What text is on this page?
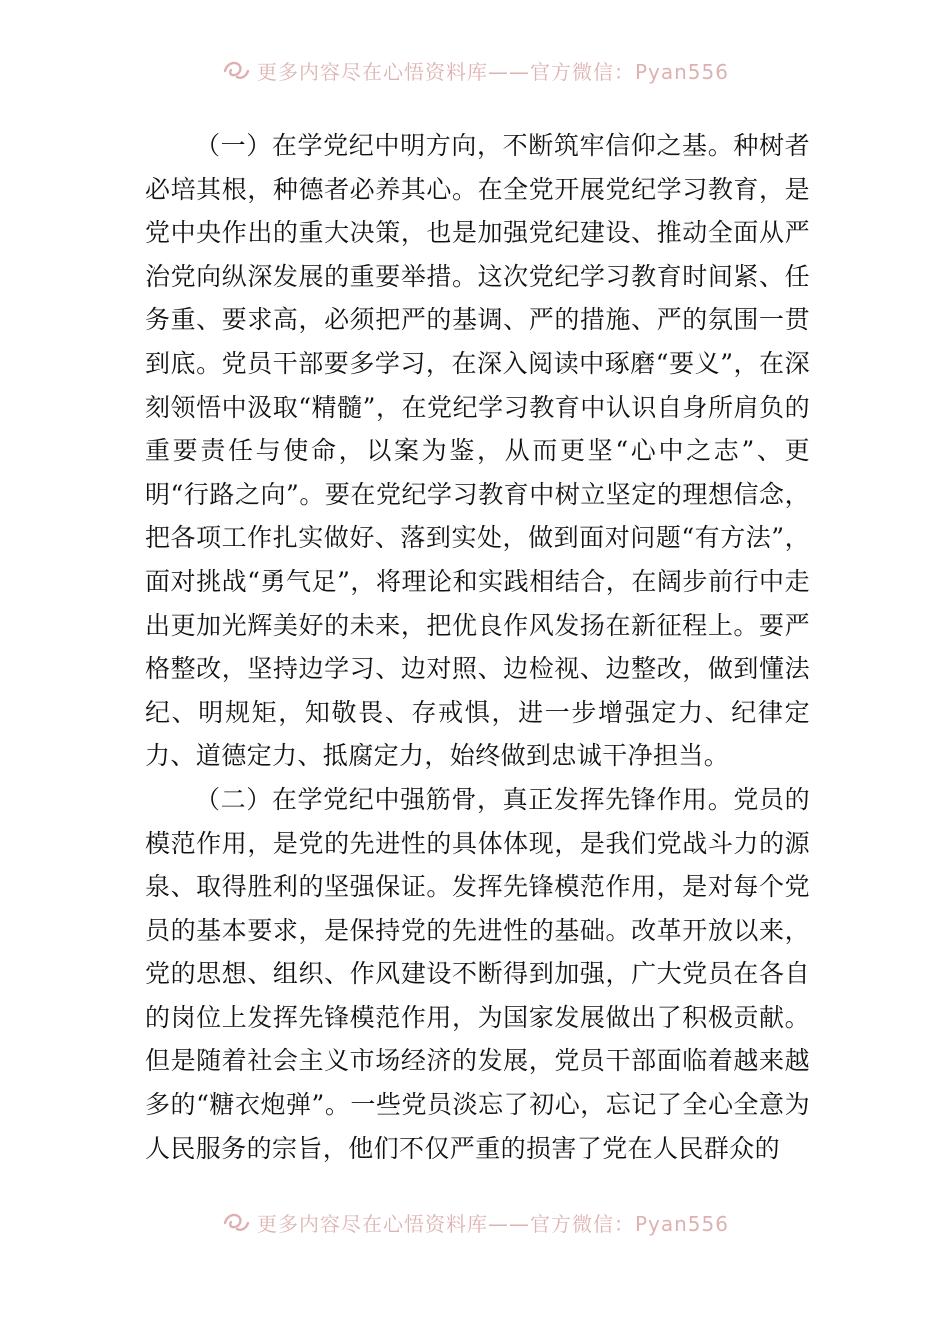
更多内容尽在心悟资料库——官方微信：Pyan556

（一）在学党纪中明方向，不断筑牢信仰之基。种树者必培其根，种德者必养其心。在全党开展党纪学习教育，是党中央作出的重大决策，也是加强党纪建设、推动全面从严治党向纵深发展的重要举措。这次党纪学习教育时间紧、任务重、要求高，必须把严的基调、严的措施、严的氛围一贯到底。党员干部要多学习，在深入阅读中琢磨“要义”，在深刻领悟中汲取“精髓”，在党纪学习教育中认识自身所肩负的重要责任与使命，以案为鉴，从而更坚“心中之志”、更明“行路之向”。要在党纪学习教育中树立坚定的理想信念，把各项工作扎实做好、落到实处，做到面对问题“有方法”，面对挑战“勇气足”，将理论和实践相结合，在阔步前行中走出更加光辉美好的未来，把优良作风发扬在新征程上。要严格整改，坚持边学习、边对照、边检视、边整改，做到懂法纪、明规矩，知敬畏、存戒惧，进一步增强定力、纪律定力、道德定力、抵腐定力，始终做到忠诚干净担当。

（二）在学党纪中强筋骨，真正发挥先锋作用。党员的模范作用，是党的先进性的具体体现，是我们党战斗力的源泉、取得胜利的坚强保证。发挥先锋模范作用，是对每个党员的基本要求，是保持党的先进性的基础。改革开放以来，党的思想、组织、作风建设不断得到加强，广大党员在各自的岗位上发挥先锋模范作用，为国家发展做出了积极贡献。但是随着社会主义市场经济的发展，党员干部面临着越来越多的“糖衣炮弹”。一些党员淡忘了初心，忘记了全心全意为人民服务的宗旨，他们不仅严重的损害了党在人民群众的

更多内容尽在心悟资料库——官方微信：Pyan556
